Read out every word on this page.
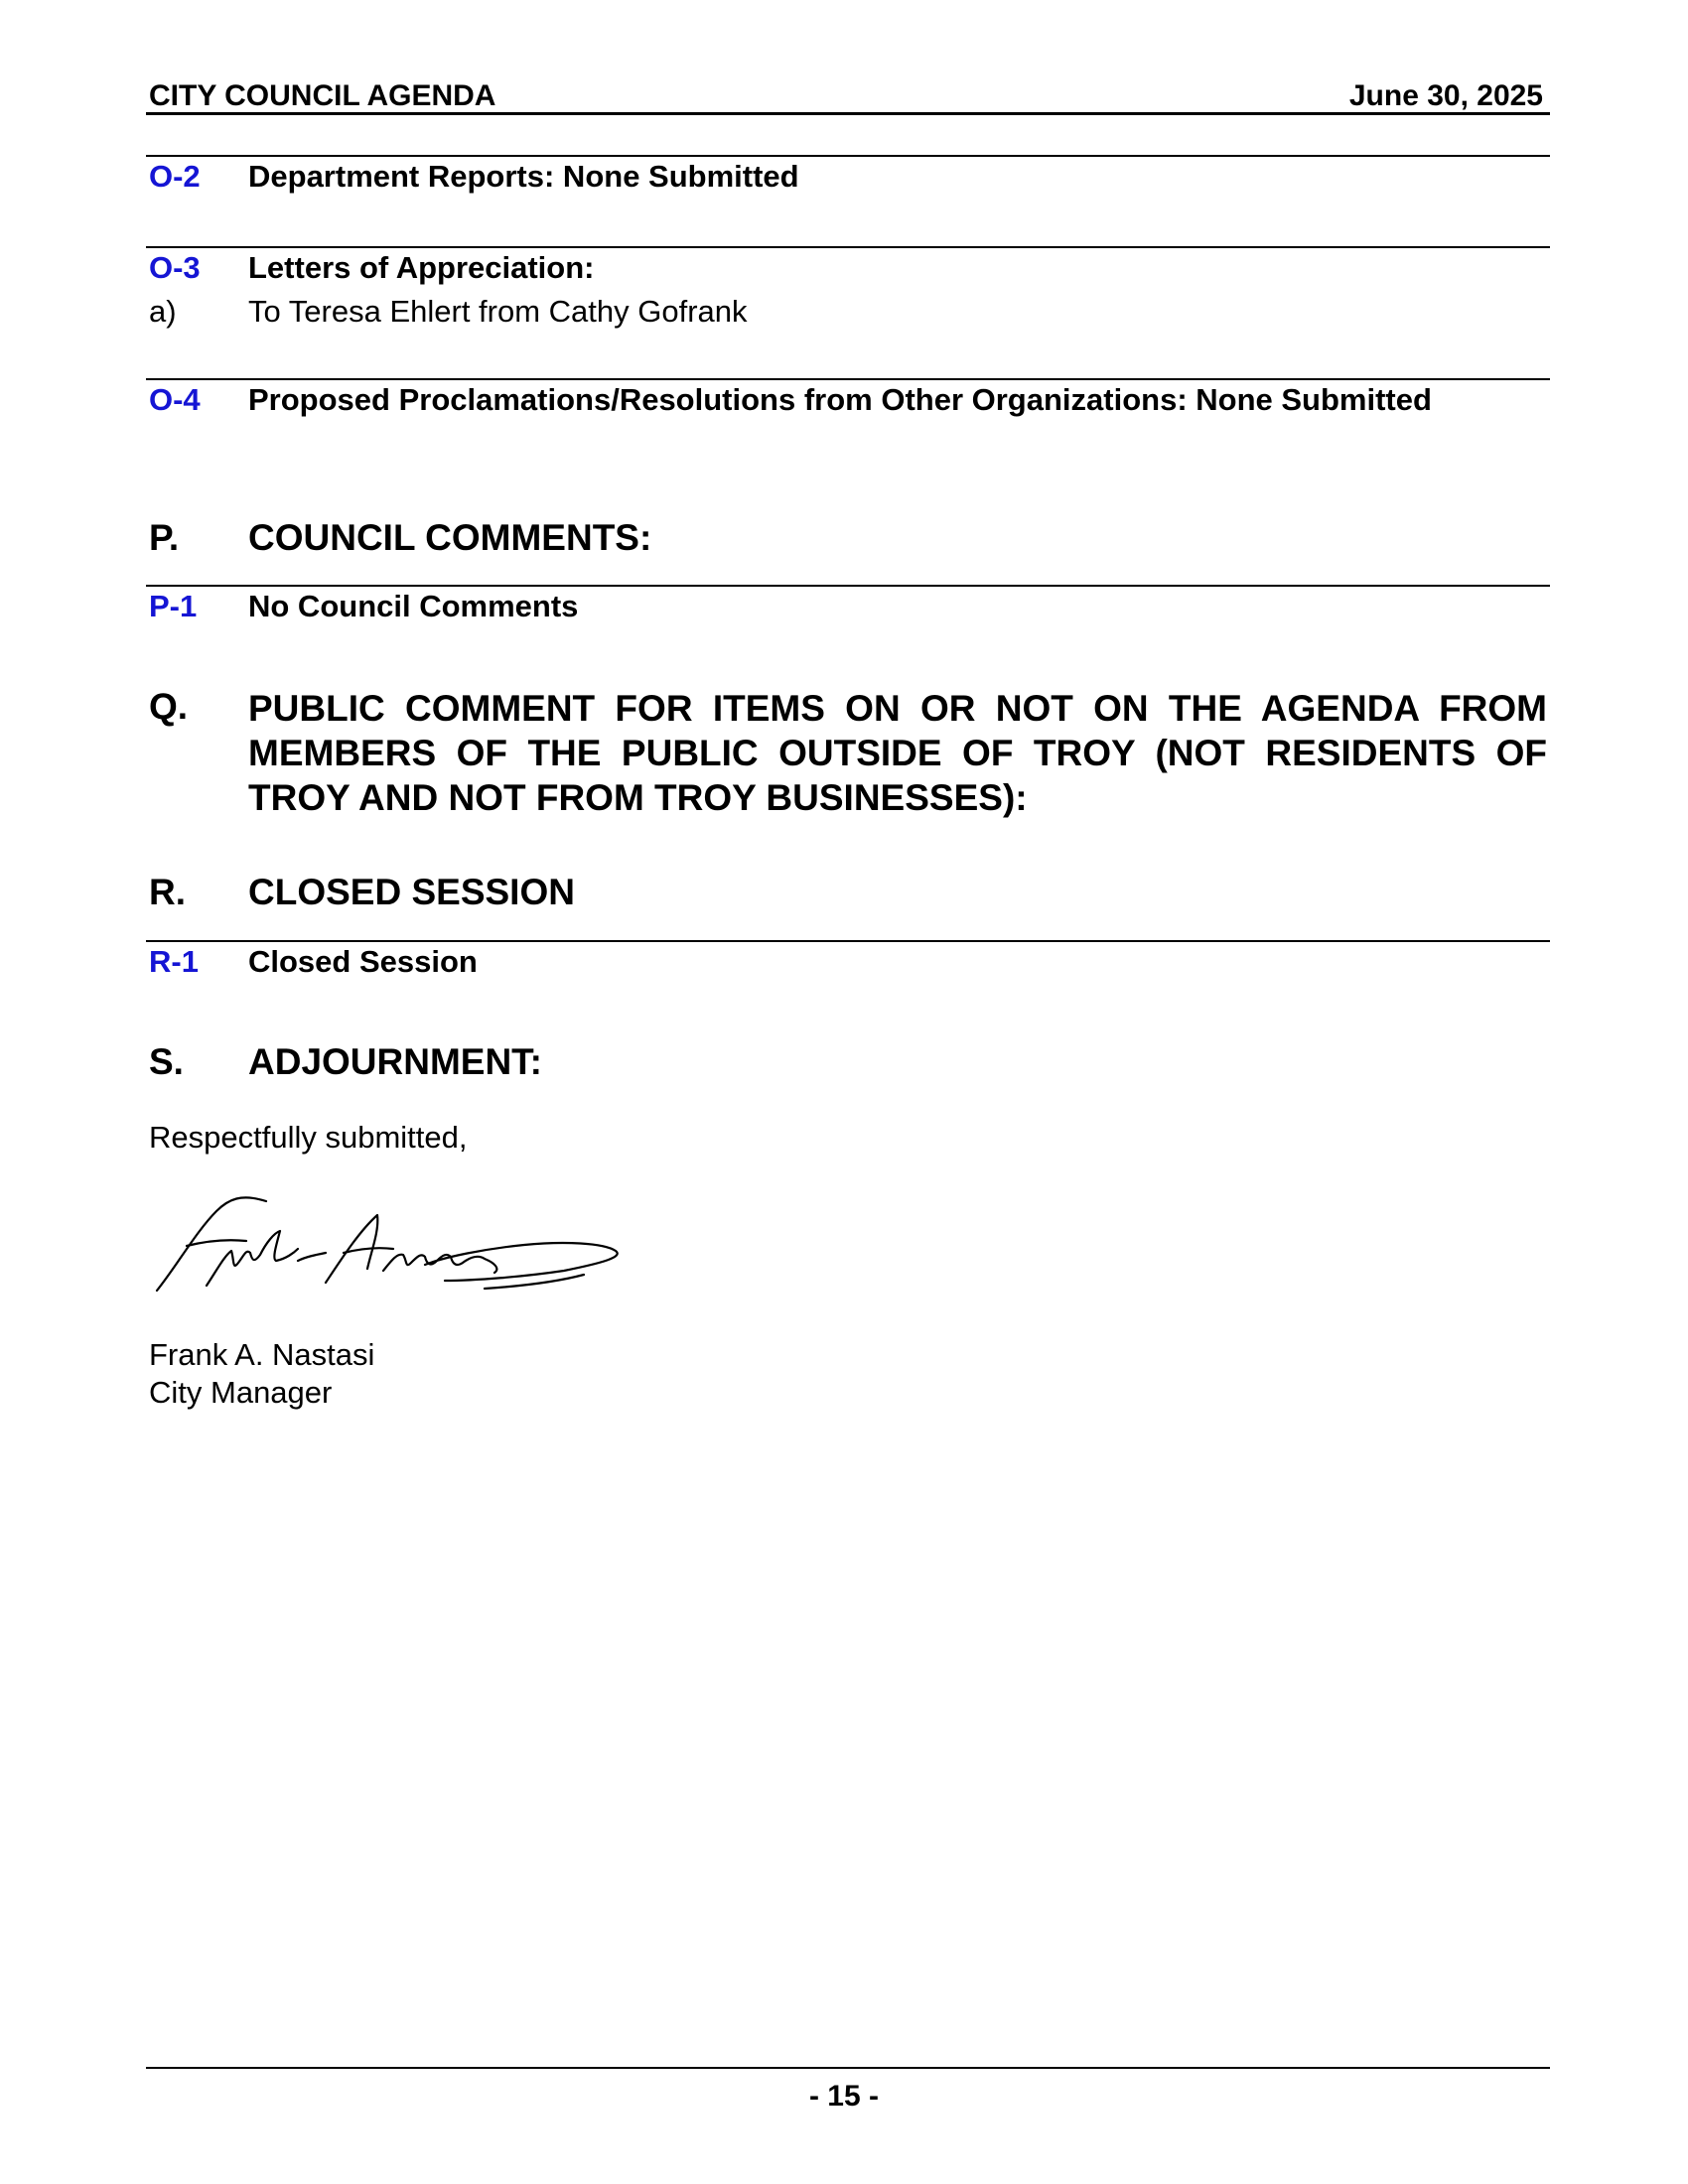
CITY COUNCIL AGENDA	June 30, 2025
O-2 Department Reports: None Submitted
O-3 Letters of Appreciation:
a) To Teresa Ehlert from Cathy Gofrank
O-4 Proposed Proclamations/Resolutions from Other Organizations: None Submitted
P. COUNCIL COMMENTS:
P-1 No Council Comments
Q. PUBLIC COMMENT FOR ITEMS ON OR NOT ON THE AGENDA FROM
MEMBERS OF THE PUBLIC OUTSIDE OF TROY (NOT RESIDENTS OF
TROY AND NOT FROM TROY BUSINESSES):
R. CLOSED SESSION
R-1 Closed Session
S. ADJOURNMENT:
Respectfully submitted,
Frank A. Nastasi
City Manager
- 15 -
